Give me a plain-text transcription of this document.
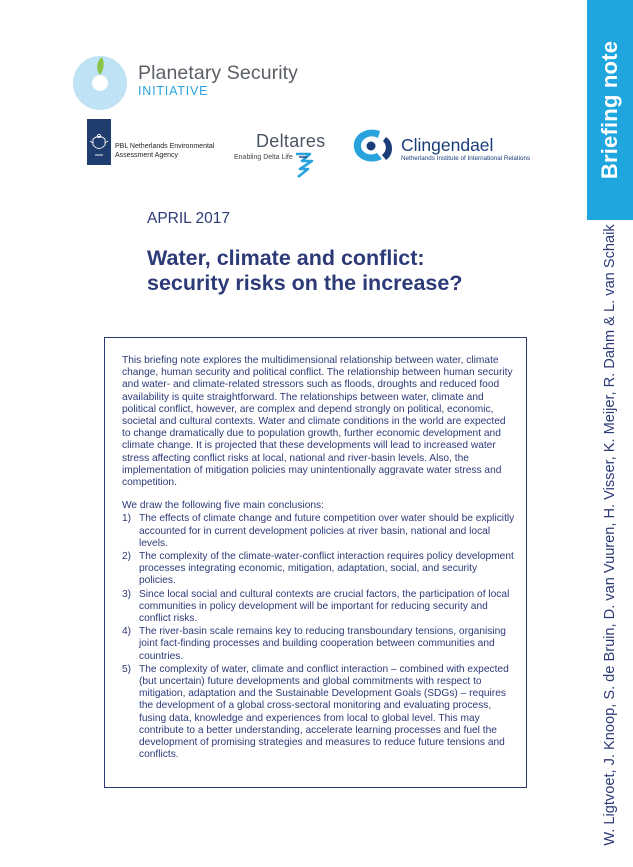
Briefing note
W. Ligtvoet, J. Knoop, S. de Bruin, D. van Vuuren, H. Visser, K. Meijer, R. Dahm & L. van Schaik
Planetary Security
INITIATIVE
PBL Netherlands Environmental
Assessment Agency
Deltares
Enabling Delta Life
Clingendael
Netherlands Institute of International Relations
APRIL 2017
Water, climate and conflict:
security risks on the increase?

This briefing note explores the multidimensional relationship between water, climate change, human security and political conflict. The relationship between human security and water- and climate-related stressors such as floods, droughts and reduced food availability is quite straightforward. The relationships between water, climate and political conflict, however, are complex and depend strongly on political, economic, societal and cultural contexts. Water and climate conditions in the world are expected to change dramatically due to population growth, further economic development and climate change. It is projected that these developments will lead to increased water stress affecting conflict risks at local, national and river-basin levels. Also, the implementation of mitigation policies may unintentionally aggravate water stress and competition.

We draw the following five main conclusions:

1) The effects of climate change and future competition over water should be explicitly accounted for in current development policies at river basin, national and local levels.
2) The complexity of the climate-water-conflict interaction requires policy development processes integrating economic, mitigation, adaptation, social, and security policies.
3) Since local social and cultural contexts are crucial factors, the participation of local communities in policy development will be important for reducing security and conflict risks.
4) The river-basin scale remains key to reducing transboundary tensions, organising joint fact-finding processes and building cooperation between communities and countries.
5) The complexity of water, climate and conflict interaction – combined with expected (but uncertain) future developments and global commitments with respect to mitigation, adaptation and the Sustainable Development Goals (SDGs) – requires the development of a global cross-sectoral monitoring and evaluating process, fusing data, knowledge and experiences from local to global level. This may contribute to a better understanding, accelerate learning processes and fuel the development of promising strategies and measures to reduce future tensions and conflicts.
